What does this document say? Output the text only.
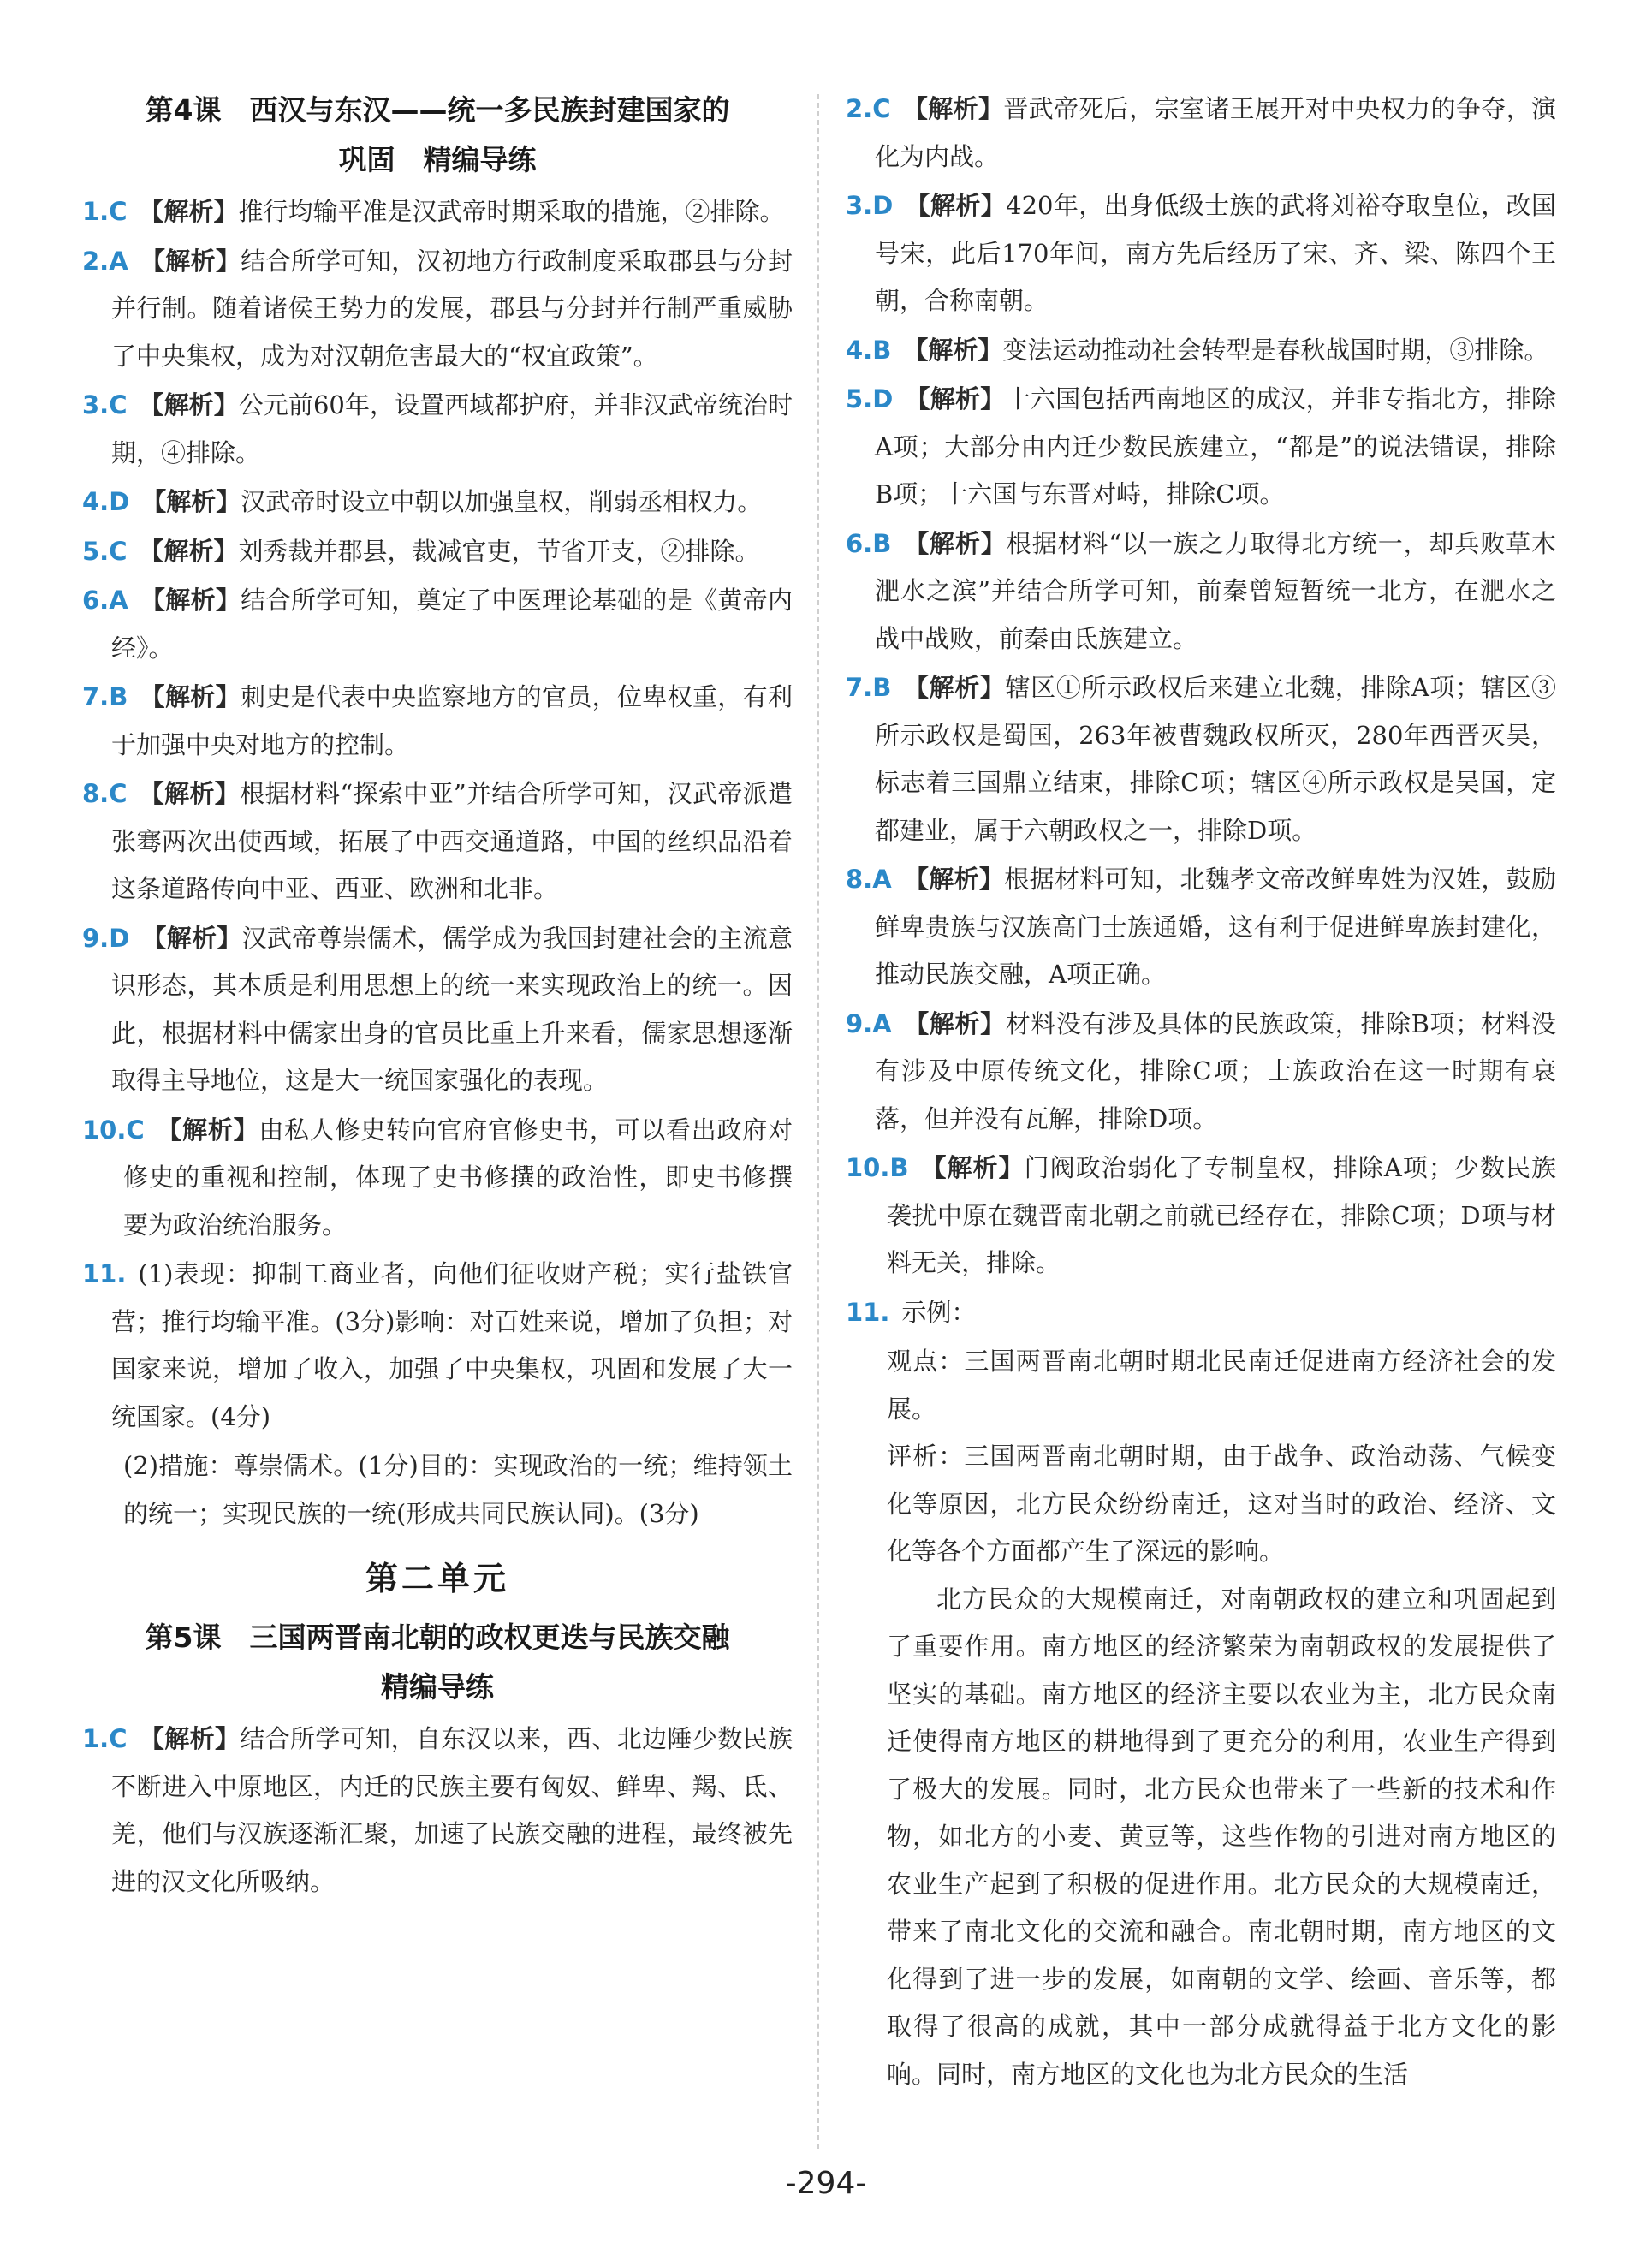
第4课　西汉与东汉——统一多民族封建国家的
巩固　精编导练
1.C 【解析】推行均输平准是汉武帝时期采取的措施，②排除。
2.A 【解析】结合所学可知，汉初地方行政制度采取郡县与分封并行制。随着诸侯王势力的发展，郡县与分封并行制严重威胁了中央集权，成为对汉朝危害最大的“权宜政策”。
3.C 【解析】公元前60年，设置西域都护府，并非汉武帝统治时期，④排除。
4.D 【解析】汉武帝时设立中朝以加强皇权，削弱丞相权力。
5.C 【解析】刘秀裁并郡县，裁减官吏，节省开支，②排除。
6.A 【解析】结合所学可知，奠定了中医理论基础的是《黄帝内经》。
7.B 【解析】刺史是代表中央监察地方的官员，位卑权重，有利于加强中央对地方的控制。
8.C 【解析】根据材料“探索中亚”并结合所学可知，汉武帝派遣张骞两次出使西域，拓展了中西交通道路，中国的丝织品沿着这条道路传向中亚、西亚、欧洲和北非。
9.D 【解析】汉武帝尊崇儒术，儒学成为我国封建社会的主流意识形态，其本质是利用思想上的统一来实现政治上的统一。因此，根据材料中儒家出身的官员比重上升来看，儒家思想逐渐取得主导地位，这是大一统国家强化的表现。
10.C 【解析】由私人修史转向官府官修史书，可以看出政府对修史的重视和控制，体现了史书修撰的政治性，即史书修撰要为政治统治服务。
11. (1)表现：抑制工商业者，向他们征收财产税；实行盐铁官营；推行均输平准。(3分)影响：对百姓来说，增加了负担；对国家来说，增加了收入，加强了中央集权，巩固和发展了大一统国家。(4分)
(2)措施：尊崇儒术。(1分)目的：实现政治的一统；维持领土的统一；实现民族的一统(形成共同民族认同)。(3分)
第二单元
第5课　三国两晋南北朝的政权更迭与民族交融
精编导练
1.C 【解析】结合所学可知，自东汉以来，西、北边陲少数民族不断进入中原地区，内迁的民族主要有匈奴、鲜卑、羯、氐、羌，他们与汉族逐渐汇聚，加速了民族交融的进程，最终被先进的汉文化所吸纳。
2.C 【解析】晋武帝死后，宗室诸王展开对中央权力的争夺，演化为内战。
3.D 【解析】420年，出身低级士族的武将刘裕夺取皇位，改国号宋，此后170年间，南方先后经历了宋、齐、梁、陈四个王朝，合称南朝。
4.B 【解析】变法运动推动社会转型是春秋战国时期，③排除。
5.D 【解析】十六国包括西南地区的成汉，并非专指北方，排除A项；大部分由内迁少数民族建立，“都是”的说法错误，排除B项；十六国与东晋对峙，排除C项。
6.B 【解析】根据材料“以一族之力取得北方统一，却兵败草木淝水之滨”并结合所学可知，前秦曾短暂统一北方，在淝水之战中战败，前秦由氐族建立。
7.B 【解析】辖区①所示政权后来建立北魏，排除A项；辖区③所示政权是蜀国，263年被曹魏政权所灭，280年西晋灭吴，标志着三国鼎立结束，排除C项；辖区④所示政权是吴国，定都建业，属于六朝政权之一，排除D项。
8.A 【解析】根据材料可知，北魏孝文帝改鲜卑姓为汉姓，鼓励鲜卑贵族与汉族高门士族通婚，这有利于促进鲜卑族封建化，推动民族交融，A项正确。
9.A 【解析】材料没有涉及具体的民族政策，排除B项；材料没有涉及中原传统文化，排除C项；士族政治在这一时期有衰落，但并没有瓦解，排除D项。
10.B 【解析】门阀政治弱化了专制皇权，排除A项；少数民族袭扰中原在魏晋南北朝之前就已经存在，排除C项；D项与材料无关，排除。
11. 示例：

观点：三国两晋南北朝时期北民南迁促进南方经济社会的发展。

评析：三国两晋南北朝时期，由于战争、政治动荡、气候变化等原因，北方民众纷纷南迁，这对当时的政治、经济、文化等各个方面都产生了深远的影响。

北方民众的大规模南迁，对南朝政权的建立和巩固起到了重要作用。南方地区的经济繁荣为南朝政权的发展提供了坚实的基础。南方地区的经济主要以农业为主，北方民众南迁使得南方地区的耕地得到了更充分的利用，农业生产得到了极大的发展。同时，北方民众也带来了一些新的技术和作物，如北方的小麦、黄豆等，这些作物的引进对南方地区的农业生产起到了积极的促进作用。北方民众的大规模南迁，带来了南北文化的交流和融合。南北朝时期，南方地区的文化得到了进一步的发展，如南朝的文学、绘画、音乐等，都取得了很高的成就，其中一部分成就得益于北方文化的影响。同时，南方地区的文化也为北方民众的生活

-294-
